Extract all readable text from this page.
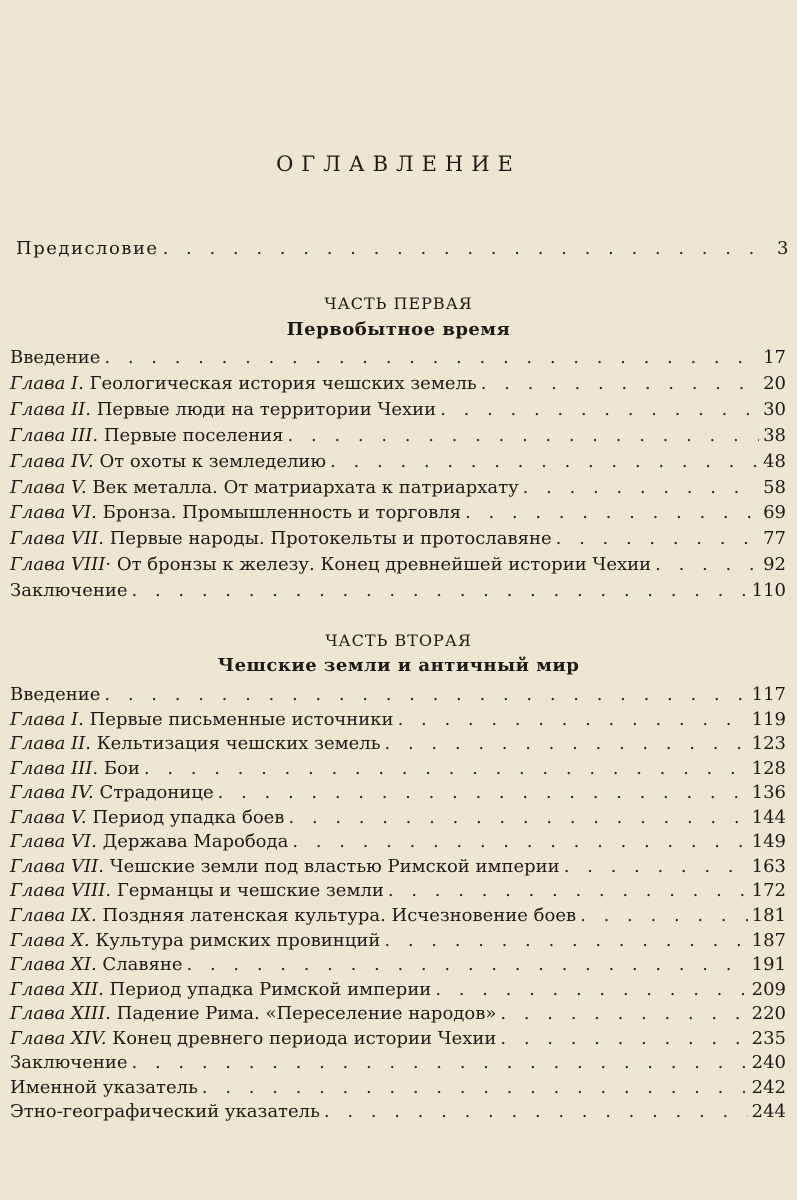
ОГЛАВЛЕНИЕ
Предисловие . . .	3
ЧАСТЬ ПЕРВАЯ
Первобытное время
Введение . . .	17
Глава I. Геологическая история чешских земель . . .	20
Глава II. Первые люди на территории Чехии . . .	30
Глава III. Первые поселения . . .	38
Глава IV. От охоты к земледелию . . .	48
Глава V. Век металла. От матриархата к патриархату . . .	58
Глава VI. Бронза. Промышленность и торговля . . .	69
Глава VII. Первые народы. Протокельты и протославяне . . .	77
Глава VIII· От бронзы к железу. Конец древнейшей истории Чехии . . .	92
Заключение . . .	110
ЧАСТЬ ВТОРАЯ
Чешские земли и античный мир
Введение . . .	117
Глава I. Первые письменные источники . . .	119
Глава II. Кельтизация чешских земель . . .	123
Глава III. Бои . . .	128
Глава IV. Страдонице . . .	136
Глава V. Период упадка боев . . .	144
Глава VI. Держава Маробода . . .	149
Глава VII. Чешские земли под властью Римской империи . . .	163
Глава VIII. Германцы и чешские земли . . .	172
Глава IX. Поздняя латенская культура. Исчезновение боев . . .	181
Глава X. Культура римских провинций . . .	187
Глава XI. Славяне . . .	191
Глава XII. Период упадка Римской империи . . .	209
Глава XIII. Падение Рима. «Переселение народов» . . .	220
Глава XIV. Конец древнего периода истории Чехии . . .	235
Заключение . . .	240
Именной указатель . . .	242
Этно-географический указатель . . .	244
